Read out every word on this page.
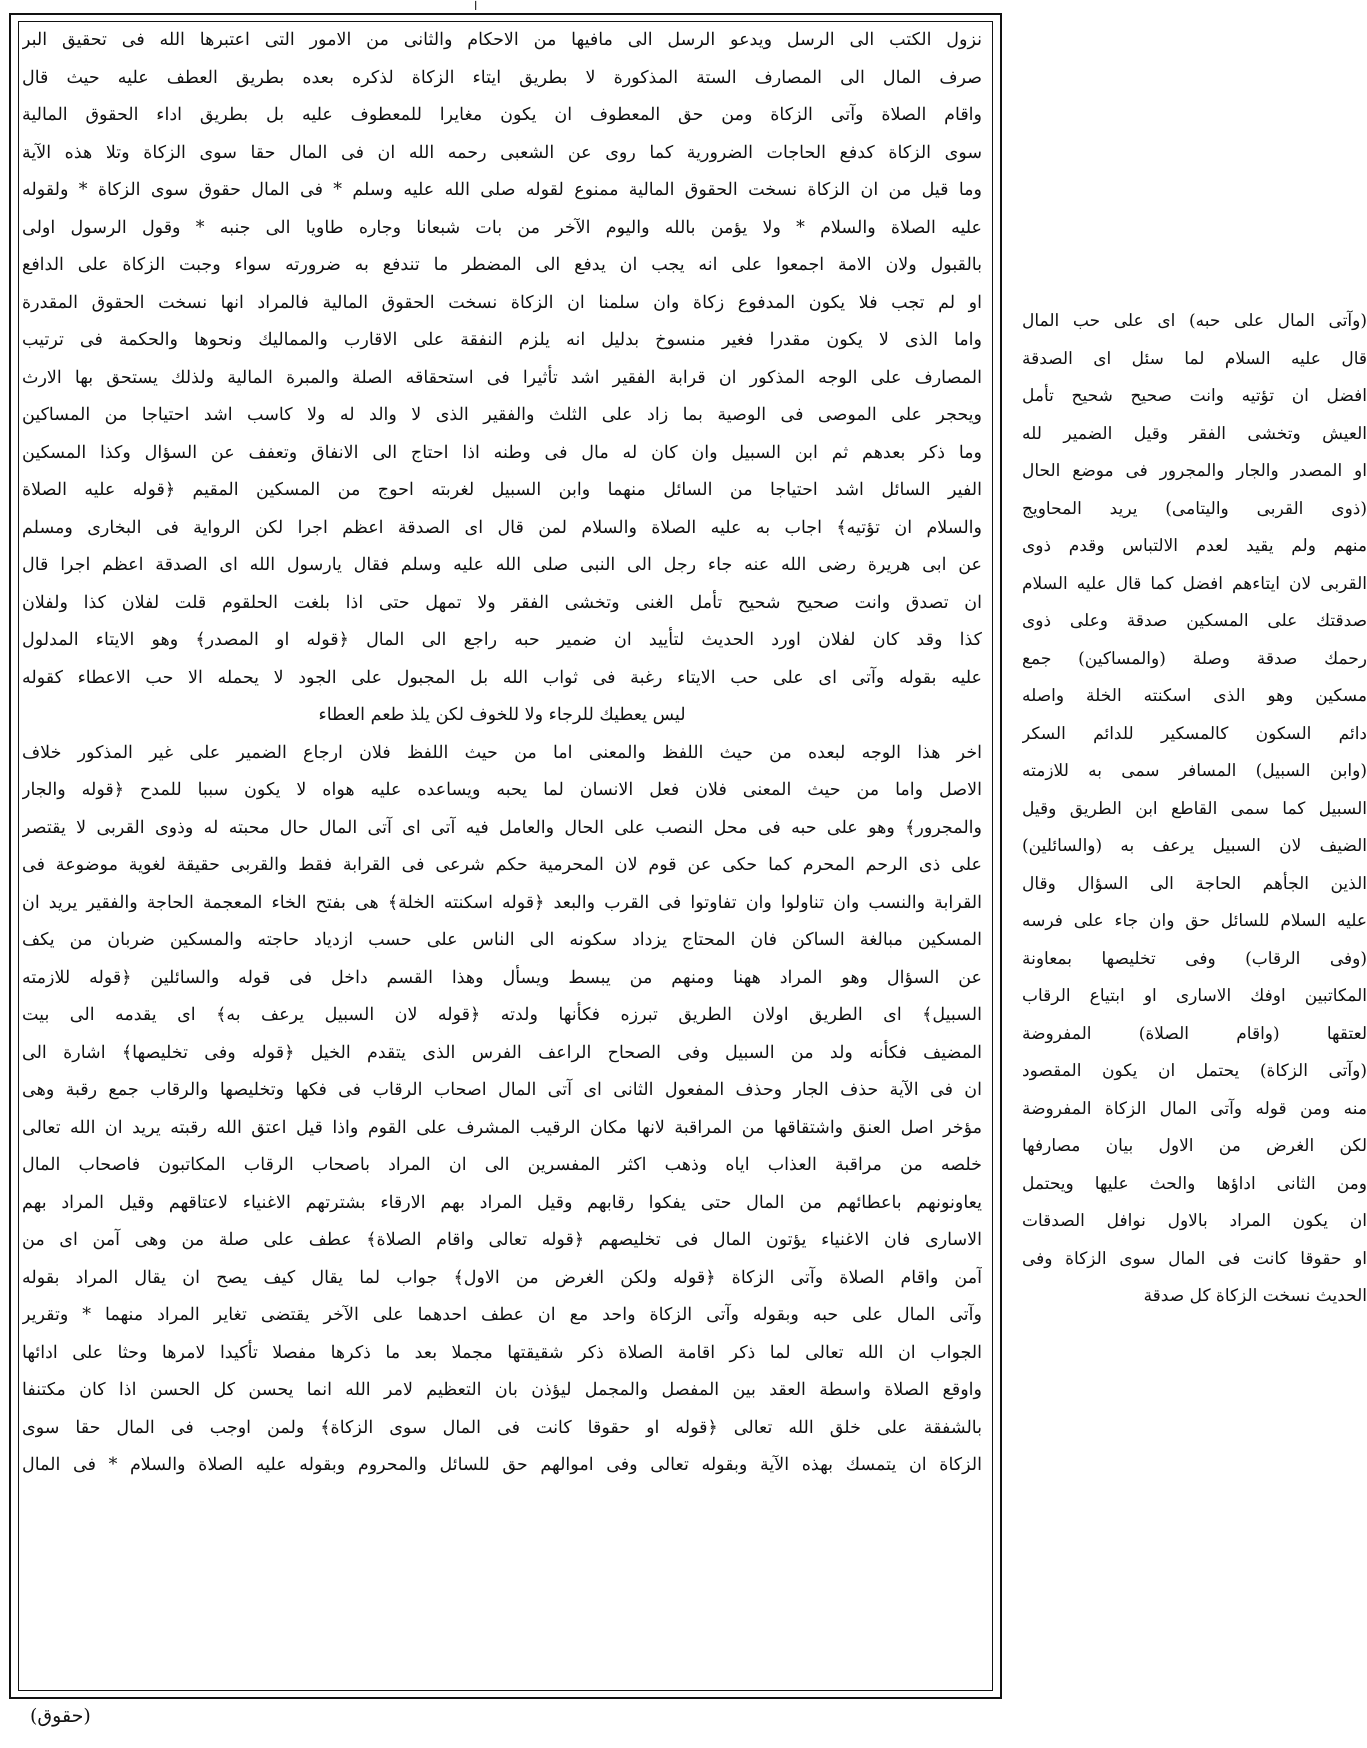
ا
نزول الكتب الى الرسل ويدعو الرسل الى مافيها من الاحكام والثانى من الامور التى اعتبرها الله فى تحقيق البر
صرف المال الى المصارف الستة المذكورة لا بطريق ايتاء الزكاة لذكره بعده بطريق العطف عليه حيث قال
واقام الصلاة وآتى الزكاة ومن حق المعطوف ان يكون مغايرا للمعطوف عليه بل بطريق اداء الحقوق المالية
سوى الزكاة كدفع الحاجات الضرورية كما روى عن الشعبى رحمه الله ان فى المال حقا سوى الزكاة وتلا هذه الآية
وما قيل من ان الزكاة نسخت الحقوق المالية ممنوع لقوله صلى الله عليه وسلم * فى المال حقوق سوى الزكاة * ولقوله
عليه الصلاة والسلام * ولا يؤمن بالله واليوم الآخر من بات شبعانا وجاره طاويا الى جنبه * وقول الرسول اولى
بالقبول ولان الامة اجمعوا على انه يجب ان يدفع الى المضطر ما تندفع به ضرورته سواء وجبت الزكاة على الدافع
او لم تجب فلا يكون المدفوع زكاة وان سلمنا ان الزكاة نسخت الحقوق المالية فالمراد انها نسخت الحقوق المقدرة
واما الذى لا يكون مقدرا فغير منسوخ بدليل انه يلزم النفقة على الاقارب والمماليك ونحوها والحكمة فى ترتيب
المصارف على الوجه المذكور ان قرابة الفقير اشد تأثيرا فى استحقاقه الصلة والمبرة المالية ولذلك يستحق بها الارث
ويحجر على الموصى فى الوصية بما زاد على الثلث والفقير الذى لا والد له ولا كاسب اشد احتياجا من المساكين
وما ذكر بعدهم ثم ابن السبيل وان كان له مال فى وطنه اذا احتاج الى الانفاق وتعفف عن السؤال وكذا المسكين
الفير السائل اشد احتياجا من السائل منهما وابن السبيل لغربته احوج من المسكين المقيم ﴿قوله عليه الصلاة
والسلام ان تؤتيه﴾ اجاب به عليه الصلاة والسلام لمن قال اى الصدقة اعظم اجرا لكن الرواية فى البخارى ومسلم
عن ابى هريرة رضى الله عنه جاء رجل الى النبى صلى الله عليه وسلم فقال يارسول الله اى الصدقة اعظم اجرا قال
ان تصدق وانت صحيح شحيح تأمل الغنى وتخشى الفقر ولا تمهل حتى اذا بلغت الحلقوم قلت لفلان كذا ولفلان
كذا وقد كان لفلان اورد الحديث لتأييد ان ضمير حبه راجع الى المال ﴿قوله او المصدر﴾ وهو الايتاء المدلول
عليه بقوله وآتى اى على حب الايتاء رغبة فى ثواب الله بل المجبول على الجود لا يحمله الا حب الاعطاء كقوله
ليس يعطيك للرجاء ولا للخوف لكن يلذ طعم العطاء
اخر هذا الوجه لبعده من حيث اللفظ والمعنى اما من حيث اللفظ فلان ارجاع الضمير على غير المذكور خلاف
الاصل واما من حيث المعنى فلان فعل الانسان لما يحبه ويساعده عليه هواه لا يكون سببا للمدح ﴿قوله والجار
والمجرور﴾ وهو على حبه فى محل النصب على الحال والعامل فيه آتى اى آتى المال حال محبته له وذوى القربى لا يقتصر
على ذى الرحم المحرم كما حكى عن قوم لان المحرمية حكم شرعى فى القرابة فقط والقربى حقيقة لغوية موضوعة فى
القرابة والنسب وان تناولوا وان تفاوتوا فى القرب والبعد ﴿قوله اسكنته الخلة﴾ هى بفتح الخاء المعجمة الحاجة والفقير يريد ان
المسكين مبالغة الساكن فان المحتاج يزداد سكونه الى الناس على حسب ازدياد حاجته والمسكين ضربان من يكف
عن السؤال وهو المراد ههنا ومنهم من يبسط ويسأل وهذا القسم داخل فى قوله والسائلين ﴿قوله للازمته
السبيل﴾ اى الطريق اولان الطريق تبرزه فكأنها ولدته ﴿قوله لان السبيل يرعف به﴾ اى يقدمه الى بيت
المضيف فكأنه ولد من السبيل وفى الصحاح الراعف الفرس الذى يتقدم الخيل ﴿قوله وفى تخليصها﴾ اشارة الى
ان فى الآية حذف الجار وحذف المفعول الثانى اى آتى المال اصحاب الرقاب فى فكها وتخليصها والرقاب جمع رقبة وهى
مؤخر اصل العنق واشتقاقها من المراقبة لانها مكان الرقيب المشرف على القوم واذا قيل اعتق الله رقبته يريد ان الله تعالى
خلصه من مراقبة العذاب اياه وذهب اكثر المفسرين الى ان المراد باصحاب الرقاب المكاتبون فاصحاب المال
يعاونونهم باعطائهم من المال حتى يفكوا رقابهم وقيل المراد بهم الارقاء بشترتهم الاغنياء لاعتاقهم وقيل المراد بهم
الاسارى فان الاغنياء يؤتون المال فى تخليصهم ﴿قوله تعالى واقام الصلاة﴾ عطف على صلة من وهى آمن اى من
آمن واقام الصلاة وآتى الزكاة ﴿قوله ولكن الغرض من الاول﴾ جواب لما يقال كيف يصح ان يقال المراد بقوله
وآتى المال على حبه وبقوله وآتى الزكاة واحد مع ان عطف احدهما على الآخر يقتضى تغاير المراد منهما * وتقرير
الجواب ان الله تعالى لما ذكر اقامة الصلاة ذكر شقيقتها مجملا بعد ما ذكرها مفصلا تأكيدا لامرها وحثا على ادائها
واوقع الصلاة واسطة العقد بين المفصل والمجمل ليؤذن بان التعظيم لامر الله انما يحسن كل الحسن اذا كان مكتنفا
بالشفقة على خلق الله تعالى ﴿قوله او حقوقا كانت فى المال سوى الزكاة﴾ ولمن اوجب فى المال حقا سوى
الزكاة ان يتمسك بهذه الآية وبقوله تعالى وفى اموالهم حق للسائل والمحروم وبقوله عليه الصلاة والسلام * فى المال
(وآتى المال على حبه) اى على حب المال
قال عليه السلام لما سئل اى الصدقة
افضل ان تؤتيه وانت صحيح شحيح تأمل
العيش وتخشى الفقر وقيل الضمير لله
او المصدر والجار والمجرور فى موضع الحال
(ذوى القربى واليتامى) يريد المحاويج
منهم ولم يقيد لعدم الالتباس وقدم ذوى
القربى لان ايتاءهم افضل كما قال عليه السلام
صدقتك على المسكين صدقة وعلى ذوى
رحمك صدقة وصلة (والمساكين) جمع
مسكين وهو الذى اسكنته الخلة واصله
دائم السكون كالمسكير للدائم السكر
(وابن السبيل) المسافر سمى به للازمته
السبيل كما سمى القاطع ابن الطريق وقيل
الضيف لان السبيل يرعف به (والسائلين)
الذين الجأهم الحاجة الى السؤال وقال
عليه السلام للسائل حق وان جاء على فرسه
(وفى الرقاب) وفى تخليصها بمعاونة
المكاتبين اوفك الاسارى او ابتياع الرقاب
لعتقها (واقام الصلاة) المفروضة
(وآتى الزكاة) يحتمل ان يكون المقصود
منه ومن قوله وآتى المال الزكاة المفروضة
لكن الغرض من الاول بيان مصارفها
ومن الثانى اداؤها والحث عليها ويحتمل
ان يكون المراد بالاول نوافل الصدقات
او حقوقا كانت فى المال سوى الزكاة وفى
الحديث نسخت الزكاة كل صدقة
(حقوق)
